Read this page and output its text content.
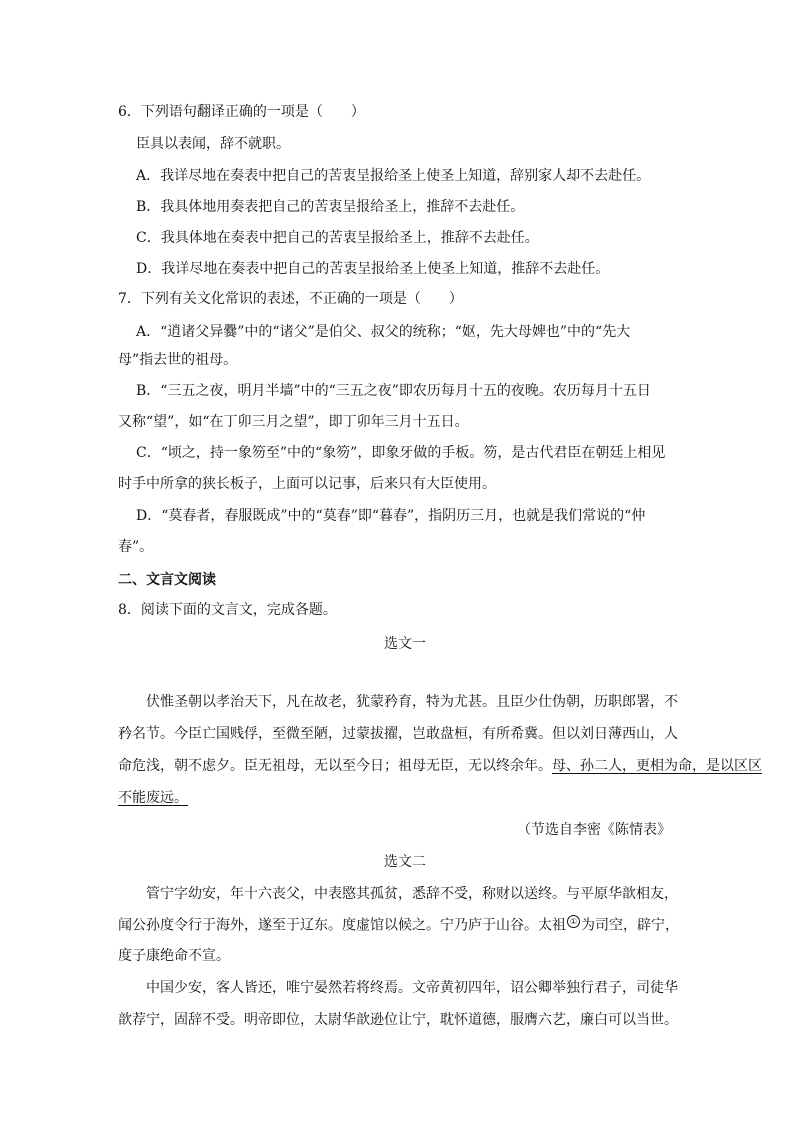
6．下列语句翻译正确的一项是（　　）
臣具以表闻，辞不就职。
A．我详尽地在奏表中把自己的苦衷呈报给圣上使圣上知道，辞别家人却不去赴任。
B．我具体地用奏表把自己的苦衷呈报给圣上，推辞不去赴任。
C．我具体地在奏表中把自己的苦衷呈报给圣上，推辞不去赴任。
D．我详尽地在奏表中把自己的苦衷呈报给圣上使圣上知道，推辞不去赴任。
7．下列有关文化常识的表述，不正确的一项是（　　）
A．“逍诸父异爨”中的“诸父”是伯父、叔父的统称；“妪，先大母婢也”中的“先大
母”指去世的祖母。
B．“三五之夜，明月半墙”中的“三五之夜”即农历每月十五的夜晚。农历每月十五日
又称“望”，如“在丁卯三月之望”，即丁卯年三月十五日。
C．“顷之，持一象笏至”中的“象笏”，即象牙做的手板。笏，是古代君臣在朝廷上相见
时手中所拿的狭长板子，上面可以记事，后来只有大臣使用。
D．“莫春者，春服既成”中的“莫春”即“暮春”，指阴历三月，也就是我们常说的“仲
春”。
二、文言文阅读
8．阅读下面的文言文，完成各题。
选文一
伏惟圣朝以孝治天下，凡在故老，犹蒙矜育，特为尤甚。且臣少仕伪朝，历职郎署，不
矜名节。今臣亡国贱俘，至微至陋，过蒙拔擢，岂敢盘桓，有所希冀。但以刘日薄西山，人
命危浅，朝不虑夕。臣无祖母，无以至今日；祖母无臣，无以终余年。母、孙二人，更相为命，是以区区
不能废远。
（节选自李密《陈情表》
选文二
管宁字幼安，年十六丧父，中表愍其孤贫，悉辞不受，称财以送终。与平原华歆相友，
闻公孙度令行于海外，遂至于辽东。度虚馆以候之。宁乃庐于山谷。太祖 ① 为司空，辟宁，
度子康绝命不宣。
中国少安，客人皆还，唯宁晏然若将终焉。文帝黄初四年，诏公卿举独行君子，司徒华
歆荐宁，固辞不受。明帝即位，太尉华歆逊位让宁，耽怀道德，服膺六艺，廉白可以当世。
